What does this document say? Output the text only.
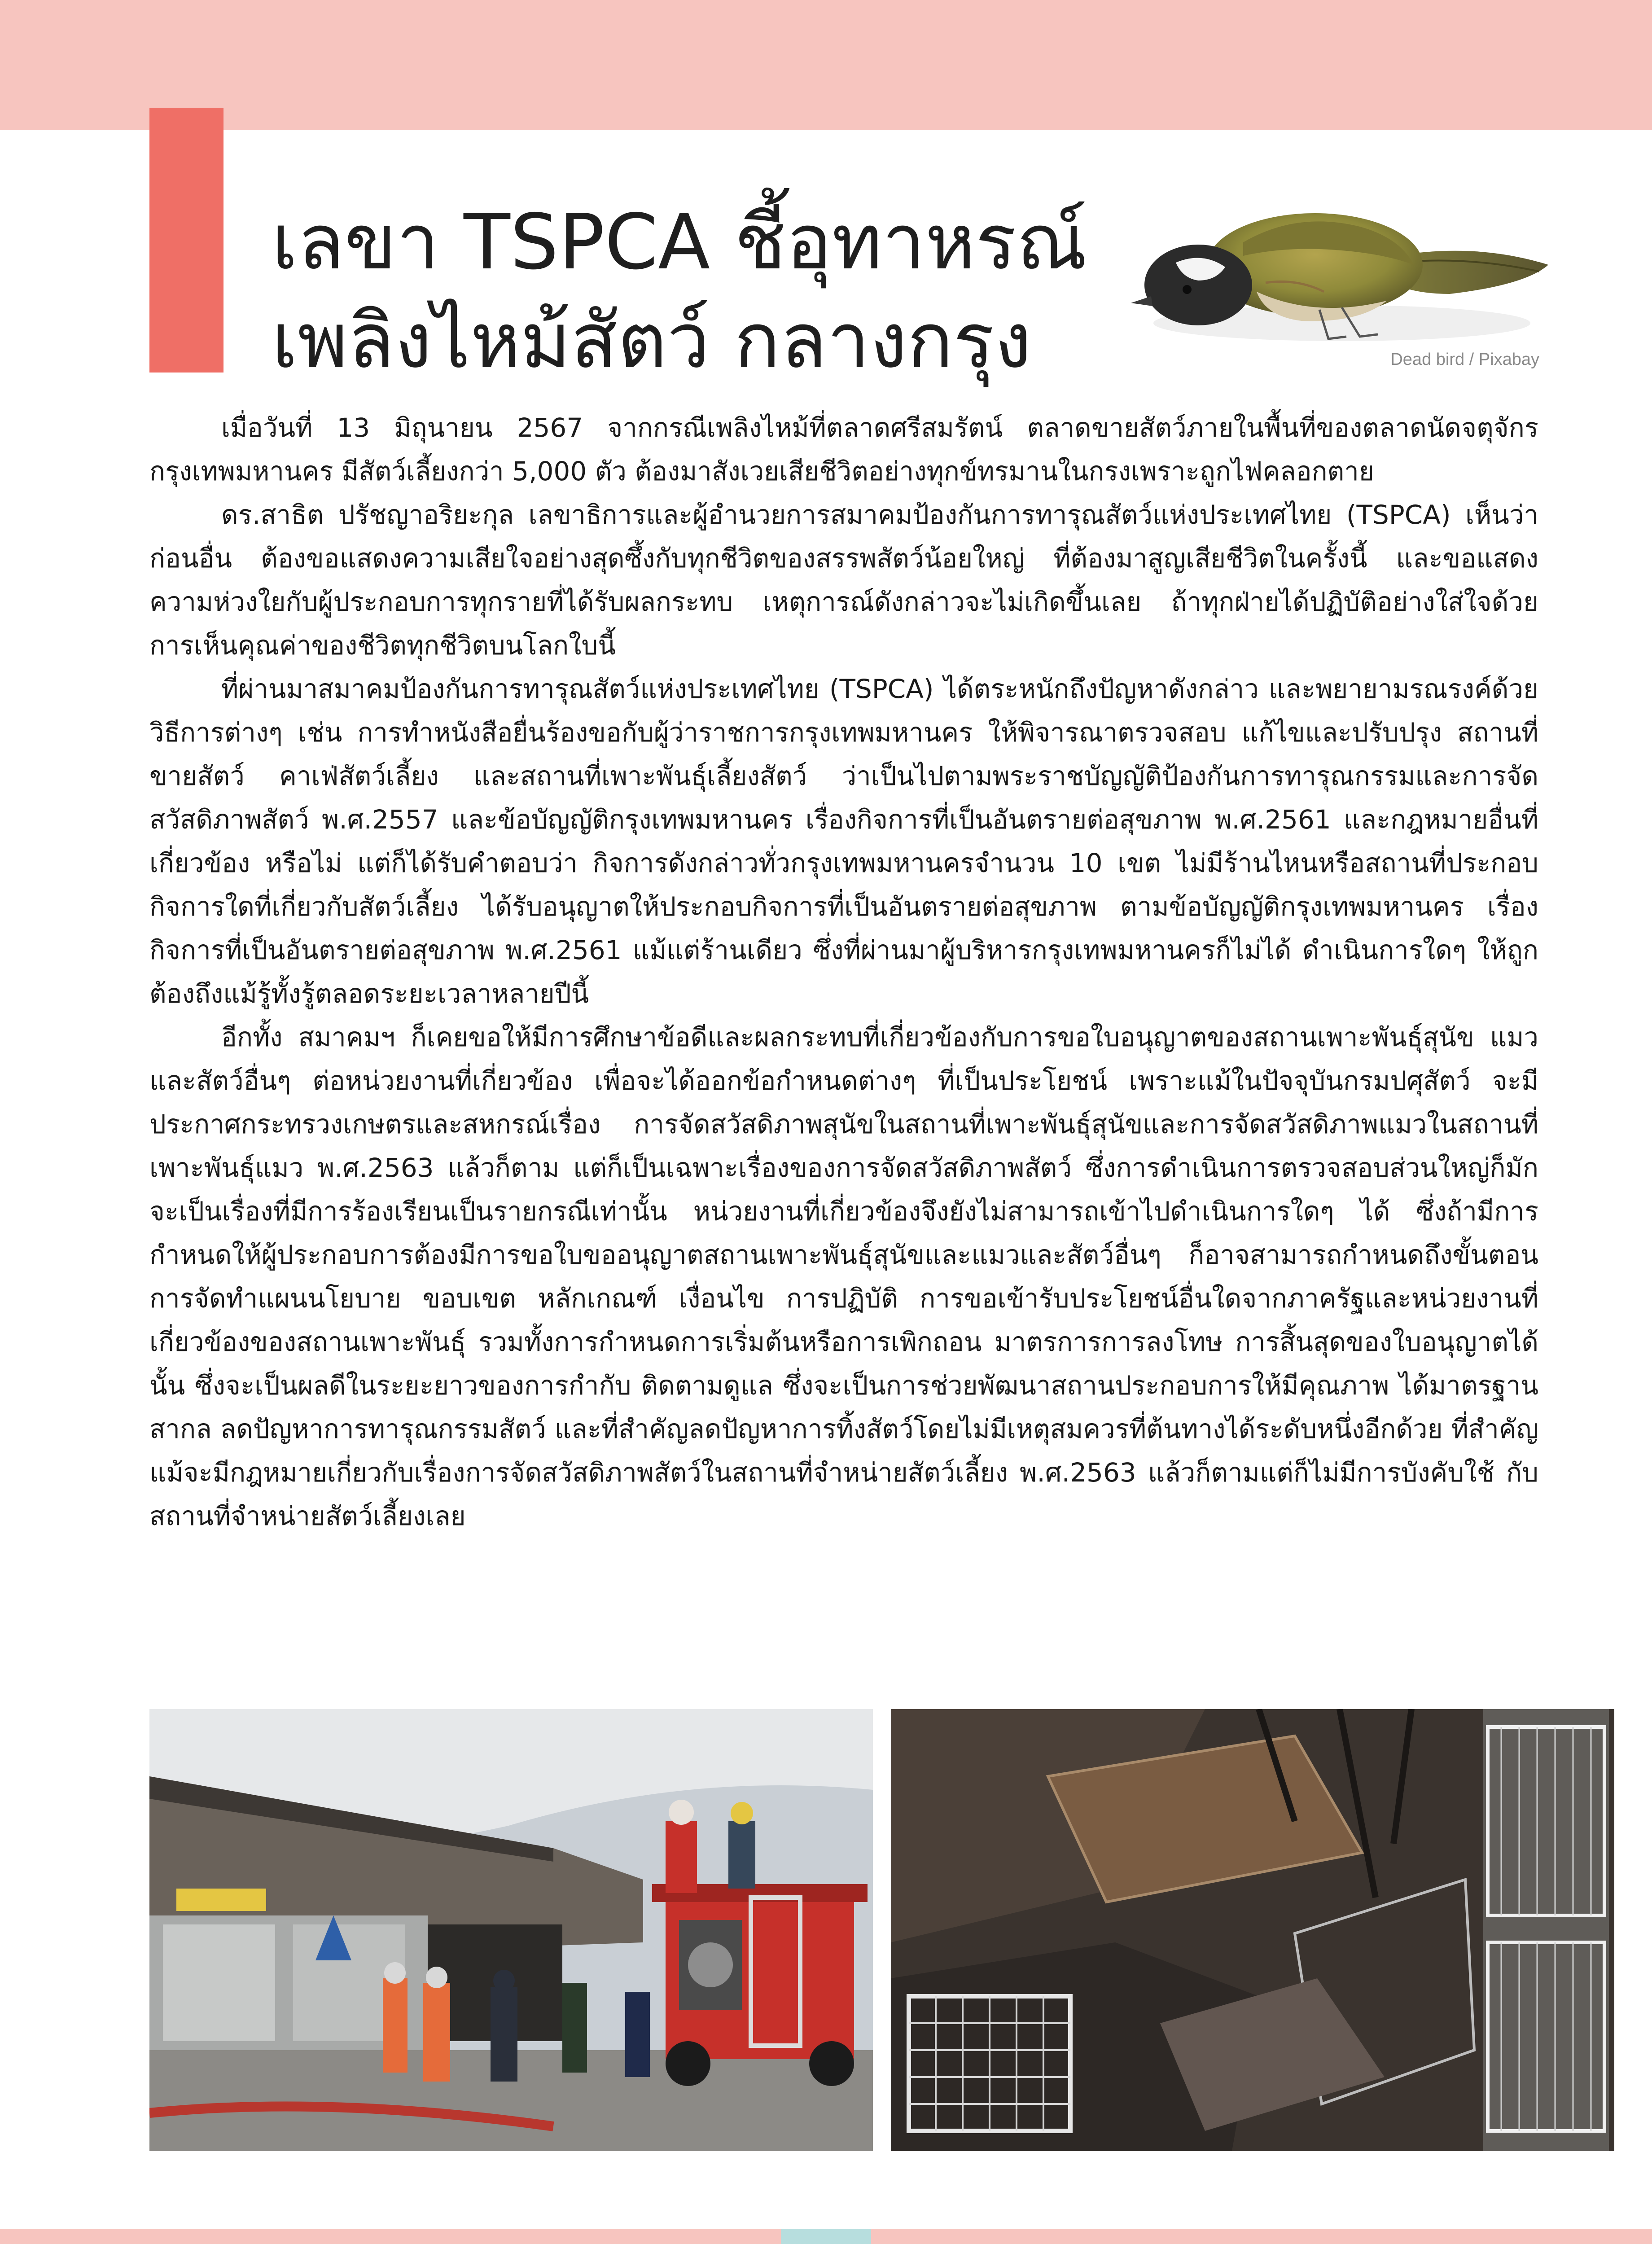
เลขา TSPCA ชี้อุทาหรณ์
เพลิงไหม้สัตว์ กลางกรุง	Dead bird / Pixabay

เมื่อวันที่ 13 มิถุนายน 2567 จากกรณีเพลิงไหม้ที่ตลาดศรีสมรัตน์ ตลาดขายสัตว์ภายในพื้นที่ของตลาดนัดจตุจักร กรุงเทพมหานคร มีสัตว์เลี้ยงกว่า 5,000 ตัว ต้องมาสังเวยเสียชีวิตอย่างทุกข์ทรมานในกรงเพราะถูกไฟคลอกตาย

ดร.สาธิต ปรัชญาอริยะกุล เลขาธิการและผู้อำนวยการสมาคมป้องกันการทารุณสัตว์แห่งประเทศไทย (TSPCA) เห็นว่าก่อนอื่น ต้องขอแสดงความเสียใจอย่างสุดซึ้งกับทุกชีวิตของสรรพสัตว์น้อยใหญ่ ที่ต้องมาสูญเสียชีวิตในครั้งนี้ และขอแสดงความห่วงใยกับผู้ประกอบการทุกรายที่ได้รับผลกระทบ เหตุการณ์ดังกล่าวจะไม่เกิดขึ้นเลย ถ้าทุกฝ่ายได้ปฏิบัติอย่างใส่ใจด้วยการเห็นคุณค่าของชีวิตทุกชีวิตบนโลกใบนี้

ที่ผ่านมาสมาคมป้องกันการทารุณสัตว์แห่งประเทศไทย (TSPCA) ได้ตระหนักถึงปัญหาดังกล่าว และพยายามรณรงค์ด้วยวิธีการต่างๆ เช่น การทำหนังสือยื่นร้องขอกับผู้ว่าราชการกรุงเทพมหานคร ให้พิจารณาตรวจสอบ แก้ไขและปรับปรุง สถานที่ขายสัตว์ คาเฟ่สัตว์เลี้ยง และสถานที่เพาะพันธุ์เลี้ยงสัตว์ ว่าเป็นไปตามพระราชบัญญัติป้องกันการทารุณกรรมและการจัดสวัสดิภาพสัตว์ พ.ศ.2557 และข้อบัญญัติกรุงเทพมหานคร เรื่องกิจการที่เป็นอันตรายต่อสุขภาพ พ.ศ.2561 และกฎหมายอื่นที่เกี่ยวข้อง หรือไม่ แต่ก็ได้รับคำตอบว่า กิจการดังกล่าวทั่วกรุงเทพมหานครจำนวน 10 เขต ไม่มีร้านไหนหรือสถานที่ประกอบกิจการใดที่เกี่ยวกับสัตว์เลี้ยง ได้รับอนุญาตให้ประกอบกิจการที่เป็นอันตรายต่อสุขภาพ ตามข้อบัญญัติกรุงเทพมหานคร เรื่องกิจการที่เป็นอันตรายต่อสุขภาพ พ.ศ.2561 แม้แต่ร้านเดียว ซึ่งที่ผ่านมาผู้บริหารกรุงเทพมหานครก็ไม่ได้ ดำเนินการใดๆ ให้ถูกต้องถึงแม้รู้ทั้งรู้ตลอดระยะเวลาหลายปีนี้

อีกทั้ง สมาคมฯ ก็เคยขอให้มีการศึกษาข้อดีและผลกระทบที่เกี่ยวข้องกับการขอใบอนุญาตของสถานเพาะพันธุ์สุนัข แมวและสัตว์อื่นๆ ต่อหน่วยงานที่เกี่ยวข้อง เพื่อจะได้ออกข้อกำหนดต่างๆ ที่เป็นประโยชน์ เพราะแม้ในปัจจุบันกรมปศุสัตว์ จะมีประกาศกระทรวงเกษตรและสหกรณ์เรื่อง การจัดสวัสดิภาพสุนัขในสถานที่เพาะพันธุ์สุนัขและการจัดสวัสดิภาพแมวในสถานที่เพาะพันธุ์แมว พ.ศ.2563 แล้วก็ตาม แต่ก็เป็นเฉพาะเรื่องของการจัดสวัสดิภาพสัตว์ ซึ่งการดำเนินการตรวจสอบส่วนใหญ่ก็มักจะเป็นเรื่องที่มีการร้องเรียนเป็นรายกรณีเท่านั้น หน่วยงานที่เกี่ยวข้องจึงยังไม่สามารถเข้าไปดำเนินการใดๆ ได้ ซึ่งถ้ามีการกำหนดให้ผู้ประกอบการต้องมีการขอใบขออนุญาตสถานเพาะพันธุ์สุนัขและแมวและสัตว์อื่นๆ ก็อาจสามารถกำหนดถึงขั้นตอนการจัดทำแผนนโยบาย ขอบเขต หลักเกณฑ์ เงื่อนไข การปฏิบัติ การขอเข้ารับประโยชน์อื่นใดจากภาครัฐและหน่วยงานที่เกี่ยวข้องของสถานเพาะพันธุ์ รวมทั้งการกำหนดการเริ่มต้นหรือการเพิกถอน มาตรการการลงโทษ การสิ้นสุดของใบอนุญาตได้นั้น ซึ่งจะเป็นผลดีในระยะยาวของการกำกับ ติดตามดูแล ซึ่งจะเป็นการช่วยพัฒนาสถานประกอบการให้มีคุณภาพ ได้มาตรฐานสากล ลดปัญหาการทารุณกรรมสัตว์ และที่สำคัญลดปัญหาการทิ้งสัตว์โดยไม่มีเหตุสมควรที่ต้นทางได้ระดับหนึ่งอีกด้วย ที่สำคัญแม้จะมีกฎหมายเกี่ยวกับเรื่องการจัดสวัสดิภาพสัตว์ในสถานที่จำหน่ายสัตว์เลี้ยง พ.ศ.2563 แล้วก็ตามแต่ก็ไม่มีการบังคับใช้ กับสถานที่จำหน่ายสัตว์เลี้ยงเลย
